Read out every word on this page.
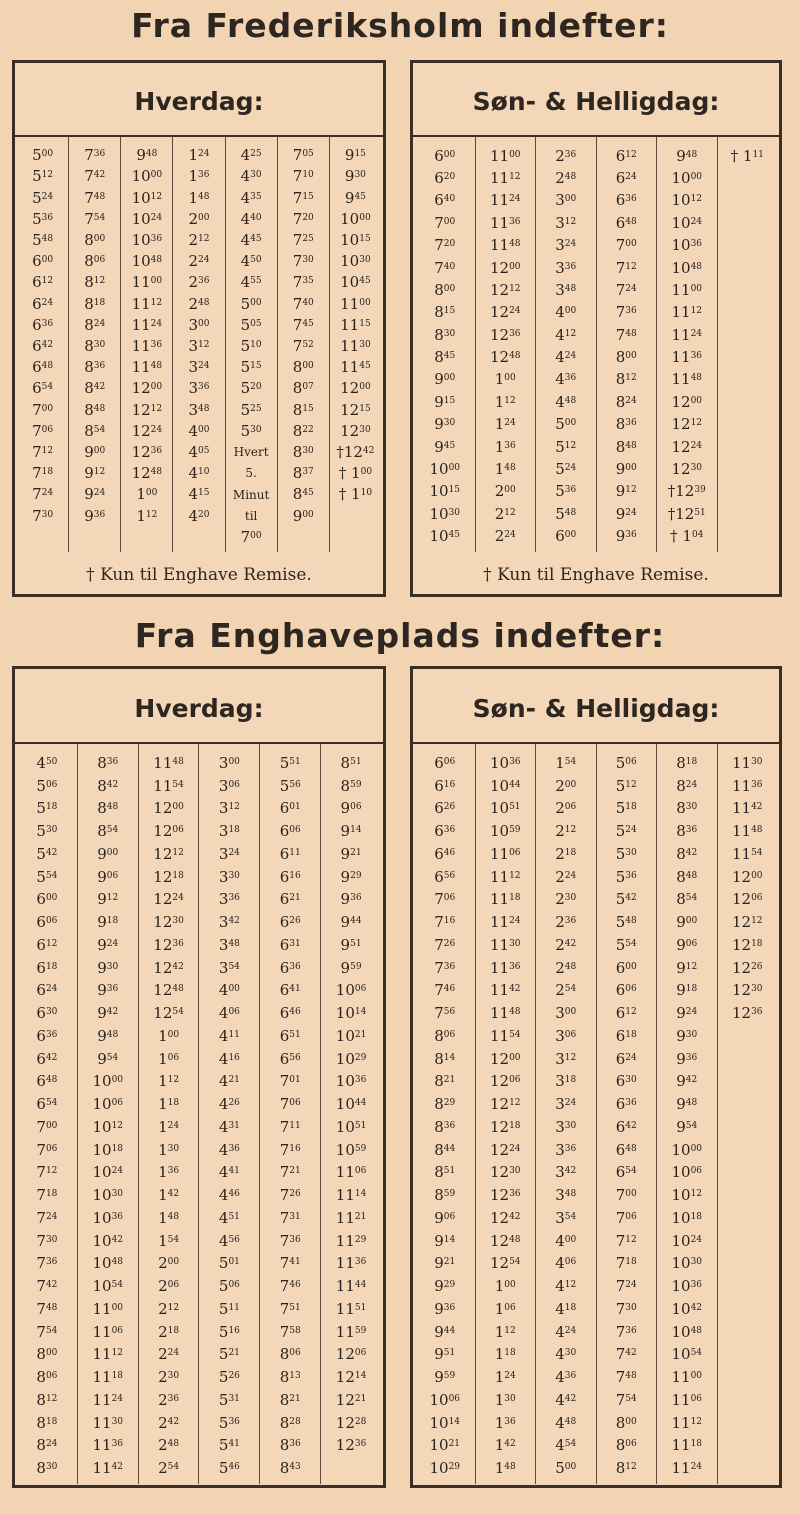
Fra Frederiksholm indefter:
Hverdag:
$5^{00}$
$5^{12}$
$5^{24}$
$5^{36}$
$5^{48}$
$6^{00}$
$6^{12}$
$6^{24}$
$6^{36}$
$6^{42}$
$6^{48}$
$6^{54}$
$7^{00}$
$7^{06}$
$7^{12}$
$7^{18}$
$7^{24}$
$7^{30}$
$7^{36}$
$7^{42}$
$7^{48}$
$7^{54}$
$8^{00}$
$8^{06}$
$8^{12}$
$8^{18}$
$8^{24}$
$8^{30}$
$8^{36}$
$8^{42}$
$8^{48}$
$8^{54}$
$9^{00}$
$9^{12}$
$9^{24}$
$9^{36}$
$9^{48}$
$10^{00}$
$10^{12}$
$10^{24}$
$10^{36}$
$10^{48}$
$11^{00}$
$11^{12}$
$11^{24}$
$11^{36}$
$11^{48}$
$12^{00}$
$12^{12}$
$12^{24}$
$12^{36}$
$12^{48}$
$1^{00}$
$1^{12}$
$1^{24}$
$1^{36}$
$1^{48}$
$2^{00}$
$2^{12}$
$2^{24}$
$2^{36}$
$2^{48}$
$3^{00}$
$3^{12}$
$3^{24}$
$3^{36}$
$3^{48}$
$4^{00}$
$4^{05}$
$4^{10}$
$4^{15}$
$4^{20}$
$4^{25}$
$4^{30}$
$4^{35}$
$4^{40}$
$4^{45}$
$4^{50}$
$4^{55}$
$5^{00}$
$5^{05}$
$5^{10}$
$5^{15}$
$5^{20}$
$5^{25}$
$5^{30}$
Hvert
5.
Minut
til
$7^{00}$
$7^{05}$
$7^{10}$
$7^{15}$
$7^{20}$
$7^{25}$
$7^{30}$
$7^{35}$
$7^{40}$
$7^{45}$
$7^{52}$
$8^{00}$
$8^{07}$
$8^{15}$
$8^{22}$
$8^{30}$
$8^{37}$
$8^{45}$
$9^{00}$
$9^{15}$
$9^{30}$
$9^{45}$
$10^{00}$
$10^{15}$
$10^{30}$
$10^{45}$
$11^{00}$
$11^{15}$
$11^{30}$
$11^{45}$
$12^{00}$
$12^{15}$
$12^{30}$
$\dagger 12^{42}$
† $1^{00}$
† $1^{10}$
† Kun til Enghave Remise.
Søn- & Helligdag:
$6^{00}$
$6^{20}$
$6^{40}$
$7^{00}$
$7^{20}$
$7^{40}$
$8^{00}$
$8^{15}$
$8^{30}$
$8^{45}$
$9^{00}$
$9^{15}$
$9^{30}$
$9^{45}$
$10^{00}$
$10^{15}$
$10^{30}$
$10^{45}$
$11^{00}$
$11^{12}$
$11^{24}$
$11^{36}$
$11^{48}$
$12^{00}$
$12^{12}$
$12^{24}$
$12^{36}$
$12^{48}$
$1^{00}$
$1^{12}$
$1^{24}$
$1^{36}$
$1^{48}$
$2^{00}$
$2^{12}$
$2^{24}$
$2^{36}$
$2^{48}$
$3^{00}$
$3^{12}$
$3^{24}$
$3^{36}$
$3^{48}$
$4^{00}$
$4^{12}$
$4^{24}$
$4^{36}$
$4^{48}$
$5^{00}$
$5^{12}$
$5^{24}$
$5^{36}$
$5^{48}$
$6^{00}$
$6^{12}$
$6^{24}$
$6^{36}$
$6^{48}$
$7^{00}$
$7^{12}$
$7^{24}$
$7^{36}$
$7^{48}$
$8^{00}$
$8^{12}$
$8^{24}$
$8^{36}$
$8^{48}$
$9^{00}$
$9^{12}$
$9^{24}$
$9^{36}$
$9^{48}$
$10^{00}$
$10^{12}$
$10^{24}$
$10^{36}$
$10^{48}$
$11^{00}$
$11^{12}$
$11^{24}$
$11^{36}$
$11^{48}$
$12^{00}$
$12^{12}$
$12^{24}$
$12^{30}$
$\dagger 12^{39}$
$\dagger 12^{51}$
† $1^{04}$
† $1^{11}$
† Kun til Enghave Remise.
Fra Enghaveplads indefter:
Hverdag:
$4^{50}$
$5^{06}$
$5^{18}$
$5^{30}$
$5^{42}$
$5^{54}$
$6^{00}$
$6^{06}$
$6^{12}$
$6^{18}$
$6^{24}$
$6^{30}$
$6^{36}$
$6^{42}$
$6^{48}$
$6^{54}$
$7^{00}$
$7^{06}$
$7^{12}$
$7^{18}$
$7^{24}$
$7^{30}$
$7^{36}$
$7^{42}$
$7^{48}$
$7^{54}$
$8^{00}$
$8^{06}$
$8^{12}$
$8^{18}$
$8^{24}$
$8^{30}$
$8^{36}$
$8^{42}$
$8^{48}$
$8^{54}$
$9^{00}$
$9^{06}$
$9^{12}$
$9^{18}$
$9^{24}$
$9^{30}$
$9^{36}$
$9^{42}$
$9^{48}$
$9^{54}$
$10^{00}$
$10^{06}$
$10^{12}$
$10^{18}$
$10^{24}$
$10^{30}$
$10^{36}$
$10^{42}$
$10^{48}$
$10^{54}$
$11^{00}$
$11^{06}$
$11^{12}$
$11^{18}$
$11^{24}$
$11^{30}$
$11^{36}$
$11^{42}$
$11^{48}$
$11^{54}$
$12^{00}$
$12^{06}$
$12^{12}$
$12^{18}$
$12^{24}$
$12^{30}$
$12^{36}$
$12^{42}$
$12^{48}$
$12^{54}$
$1^{00}$
$1^{06}$
$1^{12}$
$1^{18}$
$1^{24}$
$1^{30}$
$1^{36}$
$1^{42}$
$1^{48}$
$1^{54}$
$2^{00}$
$2^{06}$
$2^{12}$
$2^{18}$
$2^{24}$
$2^{30}$
$2^{36}$
$2^{42}$
$2^{48}$
$2^{54}$
$3^{00}$
$3^{06}$
$3^{12}$
$3^{18}$
$3^{24}$
$3^{30}$
$3^{36}$
$3^{42}$
$3^{48}$
$3^{54}$
$4^{00}$
$4^{06}$
$4^{11}$
$4^{16}$
$4^{21}$
$4^{26}$
$4^{31}$
$4^{36}$
$4^{41}$
$4^{46}$
$4^{51}$
$4^{56}$
$5^{01}$
$5^{06}$
$5^{11}$
$5^{16}$
$5^{21}$
$5^{26}$
$5^{31}$
$5^{36}$
$5^{41}$
$5^{46}$
$5^{51}$
$5^{56}$
$6^{01}$
$6^{06}$
$6^{11}$
$6^{16}$
$6^{21}$
$6^{26}$
$6^{31}$
$6^{36}$
$6^{41}$
$6^{46}$
$6^{51}$
$6^{56}$
$7^{01}$
$7^{06}$
$7^{11}$
$7^{16}$
$7^{21}$
$7^{26}$
$7^{31}$
$7^{36}$
$7^{41}$
$7^{46}$
$7^{51}$
$7^{58}$
$8^{06}$
$8^{13}$
$8^{21}$
$8^{28}$
$8^{36}$
$8^{43}$
$8^{51}$
$8^{59}$
$9^{06}$
$9^{14}$
$9^{21}$
$9^{29}$
$9^{36}$
$9^{44}$
$9^{51}$
$9^{59}$
$10^{06}$
$10^{14}$
$10^{21}$
$10^{29}$
$10^{36}$
$10^{44}$
$10^{51}$
$10^{59}$
$11^{06}$
$11^{14}$
$11^{21}$
$11^{29}$
$11^{36}$
$11^{44}$
$11^{51}$
$11^{59}$
$12^{06}$
$12^{14}$
$12^{21}$
$12^{28}$
$12^{36}$
Søn- & Helligdag:
$6^{06}$
$6^{16}$
$6^{26}$
$6^{36}$
$6^{46}$
$6^{56}$
$7^{06}$
$7^{16}$
$7^{26}$
$7^{36}$
$7^{46}$
$7^{56}$
$8^{06}$
$8^{14}$
$8^{21}$
$8^{29}$
$8^{36}$
$8^{44}$
$8^{51}$
$8^{59}$
$9^{06}$
$9^{14}$
$9^{21}$
$9^{29}$
$9^{36}$
$9^{44}$
$9^{51}$
$9^{59}$
$10^{06}$
$10^{14}$
$10^{21}$
$10^{29}$
$10^{36}$
$10^{44}$
$10^{51}$
$10^{59}$
$11^{06}$
$11^{12}$
$11^{18}$
$11^{24}$
$11^{30}$
$11^{36}$
$11^{42}$
$11^{48}$
$11^{54}$
$12^{00}$
$12^{06}$
$12^{12}$
$12^{18}$
$12^{24}$
$12^{30}$
$12^{36}$
$12^{42}$
$12^{48}$
$12^{54}$
$1^{00}$
$1^{06}$
$1^{12}$
$1^{18}$
$1^{24}$
$1^{30}$
$1^{36}$
$1^{42}$
$1^{48}$
$1^{54}$
$2^{00}$
$2^{06}$
$2^{12}$
$2^{18}$
$2^{24}$
$2^{30}$
$2^{36}$
$2^{42}$
$2^{48}$
$2^{54}$
$3^{00}$
$3^{06}$
$3^{12}$
$3^{18}$
$3^{24}$
$3^{30}$
$3^{36}$
$3^{42}$
$3^{48}$
$3^{54}$
$4^{00}$
$4^{06}$
$4^{12}$
$4^{18}$
$4^{24}$
$4^{30}$
$4^{36}$
$4^{42}$
$4^{48}$
$4^{54}$
$5^{00}$
$5^{06}$
$5^{12}$
$5^{18}$
$5^{24}$
$5^{30}$
$5^{36}$
$5^{42}$
$5^{48}$
$5^{54}$
$6^{00}$
$6^{06}$
$6^{12}$
$6^{18}$
$6^{24}$
$6^{30}$
$6^{36}$
$6^{42}$
$6^{48}$
$6^{54}$
$7^{00}$
$7^{06}$
$7^{12}$
$7^{18}$
$7^{24}$
$7^{30}$
$7^{36}$
$7^{42}$
$7^{48}$
$7^{54}$
$8^{00}$
$8^{06}$
$8^{12}$
$8^{18}$
$8^{24}$
$8^{30}$
$8^{36}$
$8^{42}$
$8^{48}$
$8^{54}$
$9^{00}$
$9^{06}$
$9^{12}$
$9^{18}$
$9^{24}$
$9^{30}$
$9^{36}$
$9^{42}$
$9^{48}$
$9^{54}$
$10^{00}$
$10^{06}$
$10^{12}$
$10^{18}$
$10^{24}$
$10^{30}$
$10^{36}$
$10^{42}$
$10^{48}$
$10^{54}$
$11^{00}$
$11^{06}$
$11^{12}$
$11^{18}$
$11^{24}$
$11^{30}$
$11^{36}$
$11^{42}$
$11^{48}$
$11^{54}$
$12^{00}$
$12^{06}$
$12^{12}$
$12^{18}$
$12^{26}$
$12^{30}$
$12^{36}$
